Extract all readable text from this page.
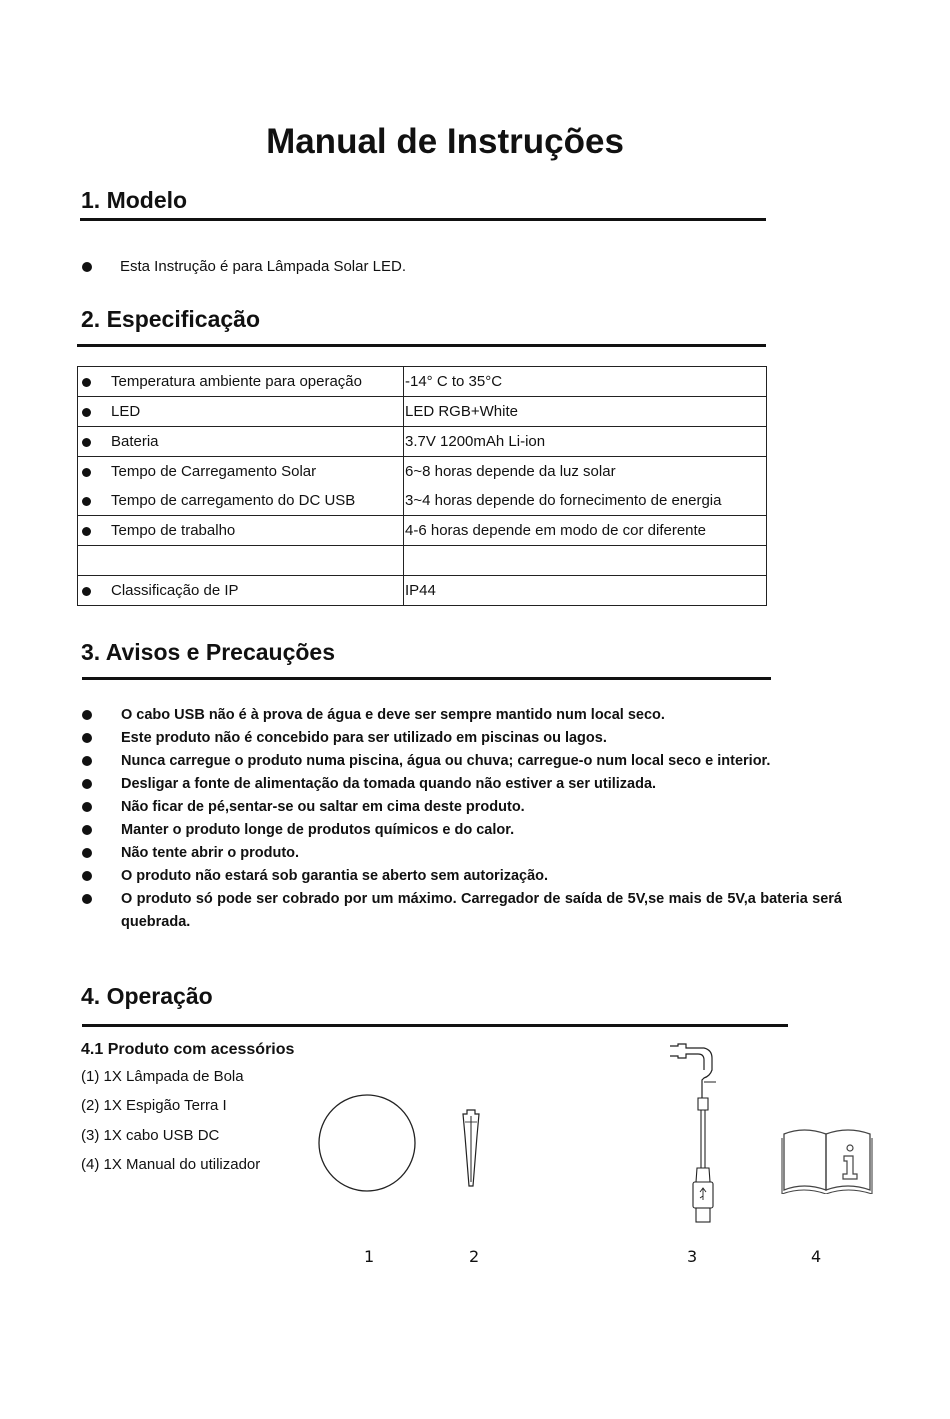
Manual de Instruções
1. Modelo
Esta Instrução é para Lâmpada Solar LED.
2. Especificação
Temperatura ambiente para operação	-14° C to 35°C
LED	LED RGB+White
Bateria	3.7V 1200mAh Li-ion
Tempo de Carregamento Solar	6~8 horas depende da luz solar
Tempo de carregamento do DC USB	3~4 horas depende do fornecimento de energia
Tempo de trabalho	4-6 horas depende em modo de cor diferente

Classificação de IP	IP44
3. Avisos e Precauções
O cabo USB não é à prova de água e deve ser sempre mantido num local seco.
Este produto não é concebido para ser utilizado em piscinas ou lagos.
Nunca carregue o produto numa piscina, água ou chuva; carregue-o num local seco e interior.
Desligar a fonte de alimentação da tomada quando não estiver a ser utilizada.
Não ficar de pé,sentar-se ou saltar em cima deste produto.
Manter o produto longe de produtos químicos e do calor.
Não tente abrir o produto.
O produto não estará sob garantia se aberto sem autorização.
O produto só pode ser cobrado por um máximo. Carregador de saída de 5V,se mais de 5V,a bateria será quebrada.
4. Operação
4.1 Produto com acessórios
(1) 1X Lâmpada de Bola
(2) 1X Espigão Terra I
(3) 1X cabo USB DC
(4) 1X Manual do utilizador
1	2	3	4
